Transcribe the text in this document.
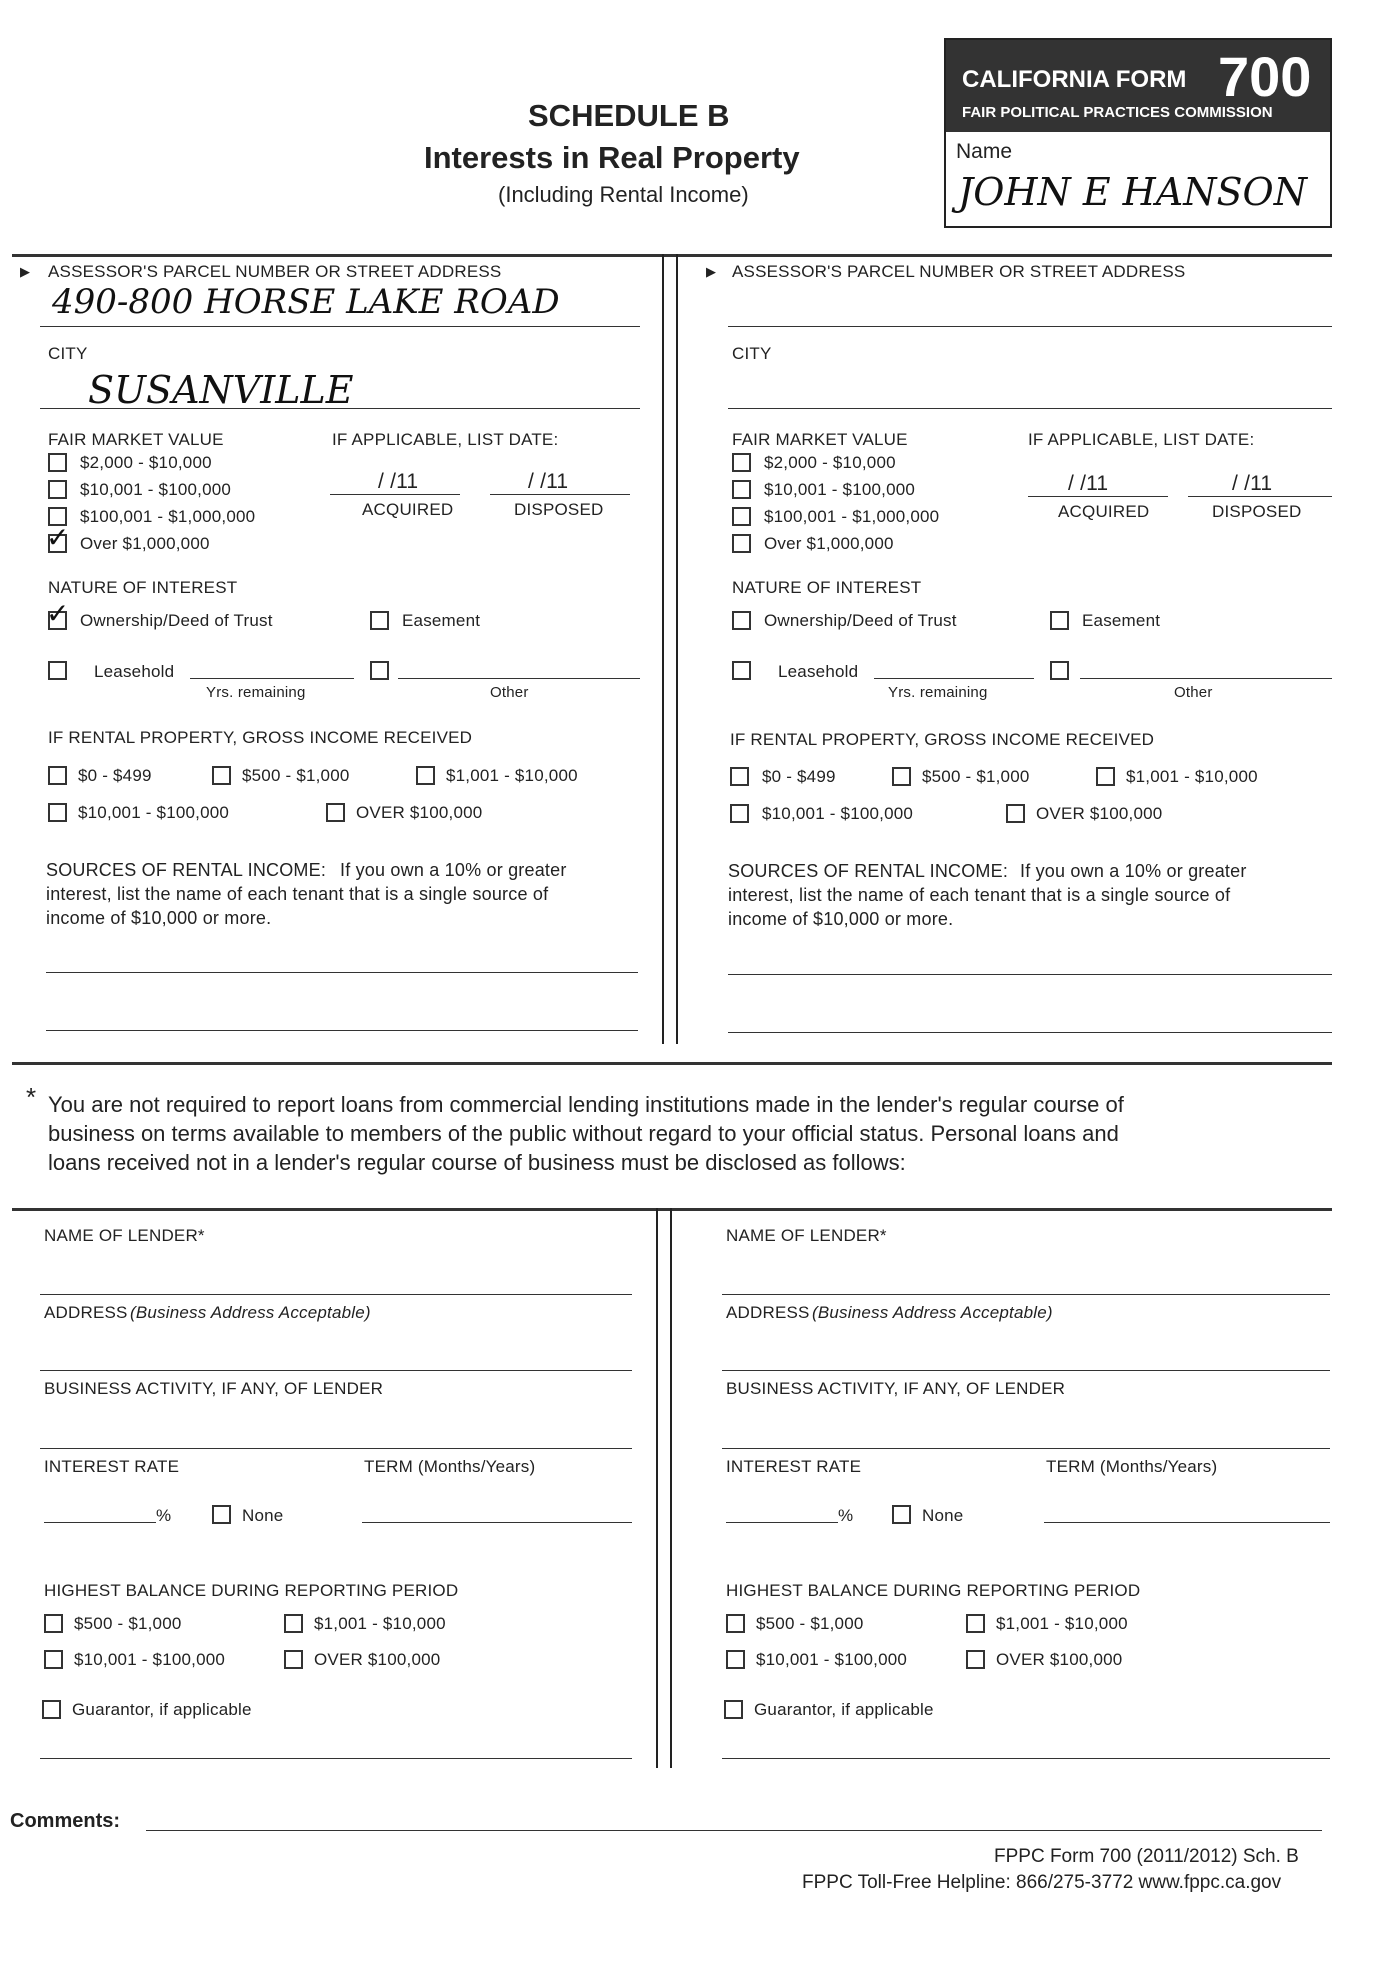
SCHEDULE B
Interests in Real Property
(Including Rental Income)
CALIFORNIA FORM 700
FAIR POLITICAL PRACTICES COMMISSION
Name
JOHN E HANSON
▶ ASSESSOR'S PARCEL NUMBER OR STREET ADDRESS
490-800 HORSE LAKE ROAD
CITY
SUSANVILLE
FAIR MARKET VALUE
$2,000 - $10,000
$10,001 - $100,000
$100,001 - $1,000,000
✓ Over $1,000,000
IF APPLICABLE, LIST DATE:
/ /11
ACQUIRED
/ /11
DISPOSED
NATURE OF INTEREST
✓ Ownership/Deed of Trust	Easement
Leasehold
Yrs. remaining	Other
IF RENTAL PROPERTY, GROSS INCOME RECEIVED
$0 - $499	$500 - $1,000	$1,001 - $10,000
$10,001 - $100,000	OVER $100,000
SOURCES OF RENTAL INCOME: If you own a 10% or greater
interest, list the name of each tenant that is a single source of
income of $10,000 or more.
▶ ASSESSOR'S PARCEL NUMBER OR STREET ADDRESS
CITY
FAIR MARKET VALUE
$2,000 - $10,000
$10,001 - $100,000
$100,001 - $1,000,000
Over $1,000,000
IF APPLICABLE, LIST DATE:
/ /11
ACQUIRED
/ /11
DISPOSED
NATURE OF INTEREST
Ownership/Deed of Trust	Easement
Leasehold
Yrs. remaining	Other
IF RENTAL PROPERTY, GROSS INCOME RECEIVED
$0 - $499	$500 - $1,000	$1,001 - $10,000
$10,001 - $100,000	OVER $100,000
SOURCES OF RENTAL INCOME: If you own a 10% or greater
interest, list the name of each tenant that is a single source of
income of $10,000 or more.
* You are not required to report loans from commercial lending institutions made in the lender's regular course of
business on terms available to members of the public without regard to your official status. Personal loans and
loans received not in a lender's regular course of business must be disclosed as follows:
NAME OF LENDER*
ADDRESS (Business Address Acceptable)
BUSINESS ACTIVITY, IF ANY, OF LENDER
INTEREST RATE	TERM (Months/Years)
%	None
HIGHEST BALANCE DURING REPORTING PERIOD
$500 - $1,000	$1,001 - $10,000
$10,001 - $100,000	OVER $100,000
Guarantor, if applicable
NAME OF LENDER*
ADDRESS (Business Address Acceptable)
BUSINESS ACTIVITY, IF ANY, OF LENDER
INTEREST RATE	TERM (Months/Years)
%	None
HIGHEST BALANCE DURING REPORTING PERIOD
$500 - $1,000	$1,001 - $10,000
$10,001 - $100,000	OVER $100,000
Guarantor, if applicable
Comments:
FPPC Form 700 (2011/2012) Sch. B
FPPC Toll-Free Helpline: 866/275-3772 www.fppc.ca.gov
